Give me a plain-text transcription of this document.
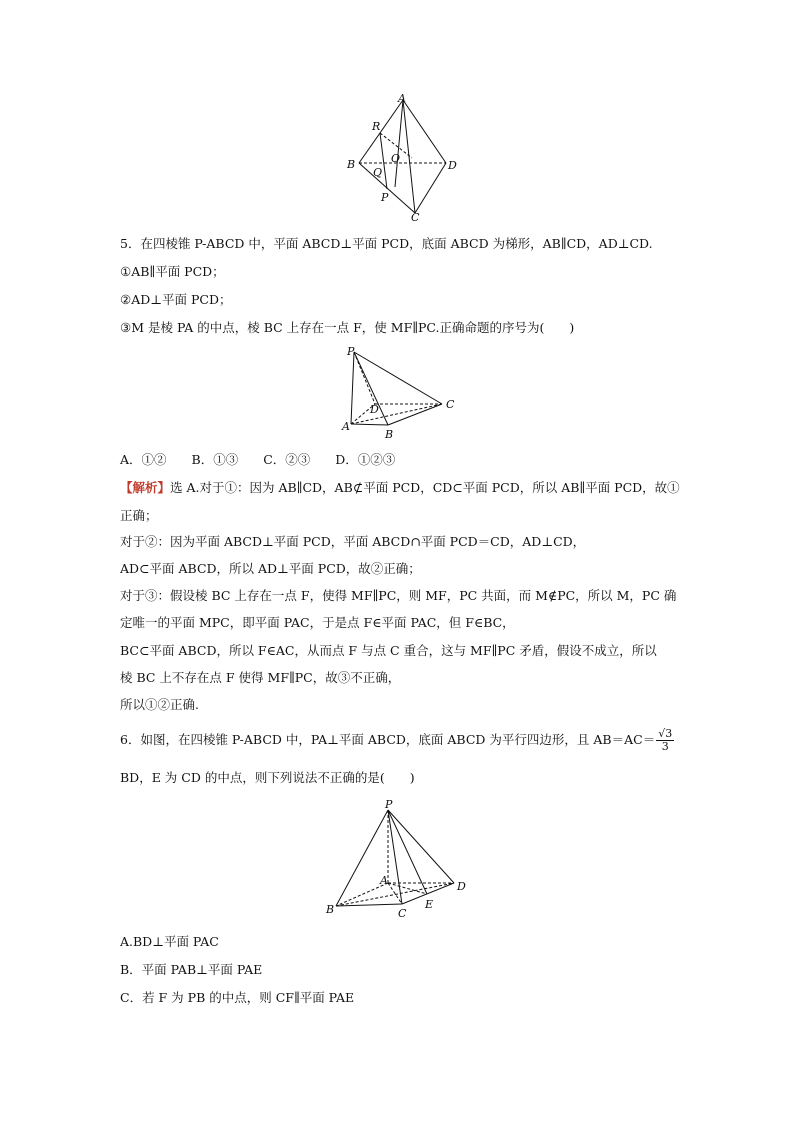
A
R
B	O
D
Q
P
C
5．在四棱锥 P-ABCD 中，平面 ABCD⊥平面 PCD，底面 ABCD 为梯形，AB∥CD，AD⊥CD.
①AB∥平面 PCD；
②AD⊥平面 PCD；
③M 是棱 PA 的中点，棱 BC 上存在一点 F，使 MF∥PC.正确命题的序号为(　　)
P
D	C
A
B
A．①②　　B．①③　　C．②③　　D．①②③
【解析】选 A.对于①：因为 AB∥CD，AB⊄平面 PCD，CD⊂平面 PCD，所以 AB∥平面 PCD，故①
正确；
对于②：因为平面 ABCD⊥平面 PCD，平面 ABCD∩平面 PCD＝CD，AD⊥CD，
AD⊂平面 ABCD，所以 AD⊥平面 PCD，故②正确；
对于③：假设棱 BC 上存在一点 F，使得 MF∥PC，则 MF，PC 共面，而 M∉PC，所以 M，PC 确
定唯一的平面 MPC，即平面 PAC，于是点 F∈平面 PAC，但 F∈BC，
BC⊂平面 ABCD，所以 F∈AC，从而点 F 与点 C 重合，这与 MF∥PC 矛盾，假设不成立，所以
棱 BC 上不存在点 F 使得 MF∥PC，故③不正确，
所以①②正确.
6．如图，在四棱锥 P-ABCD 中，PA⊥平面 ABCD，底面 ABCD 为平行四边形，且 $AB=AC= \frac{√3}{3}$
BD，E 为 CD 的中点，则下列说法不正确的是(　　)
P
A	D
B	C
E
A.BD⊥平面 PAC
B．平面 PAB⊥平面 PAE
C．若 F 为 PB 的中点，则 CF∥平面 PAE
